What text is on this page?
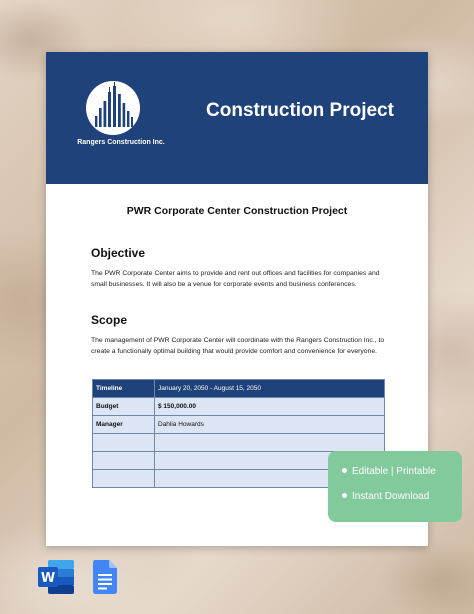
Rangers Construction Inc.
Construction Project
PWR Corporate Center Construction Project
Objective
The PWR Corporate Center aims to provide and rent out offices and facilities for companies and small businesses. It will also be a venue for corporate events and business conferences.
Scope
The management of PWR Corporate Center will coordinate with the Rangers Construction Inc., to create a functionally optimal building that would provide comfort and convenience for everyone.
Timeline	January 20, 2050 - August 15, 2050
Budget	$ 150,000.00
Manager	Dahlia Howards

Editable | Printable
Instant Download
W
